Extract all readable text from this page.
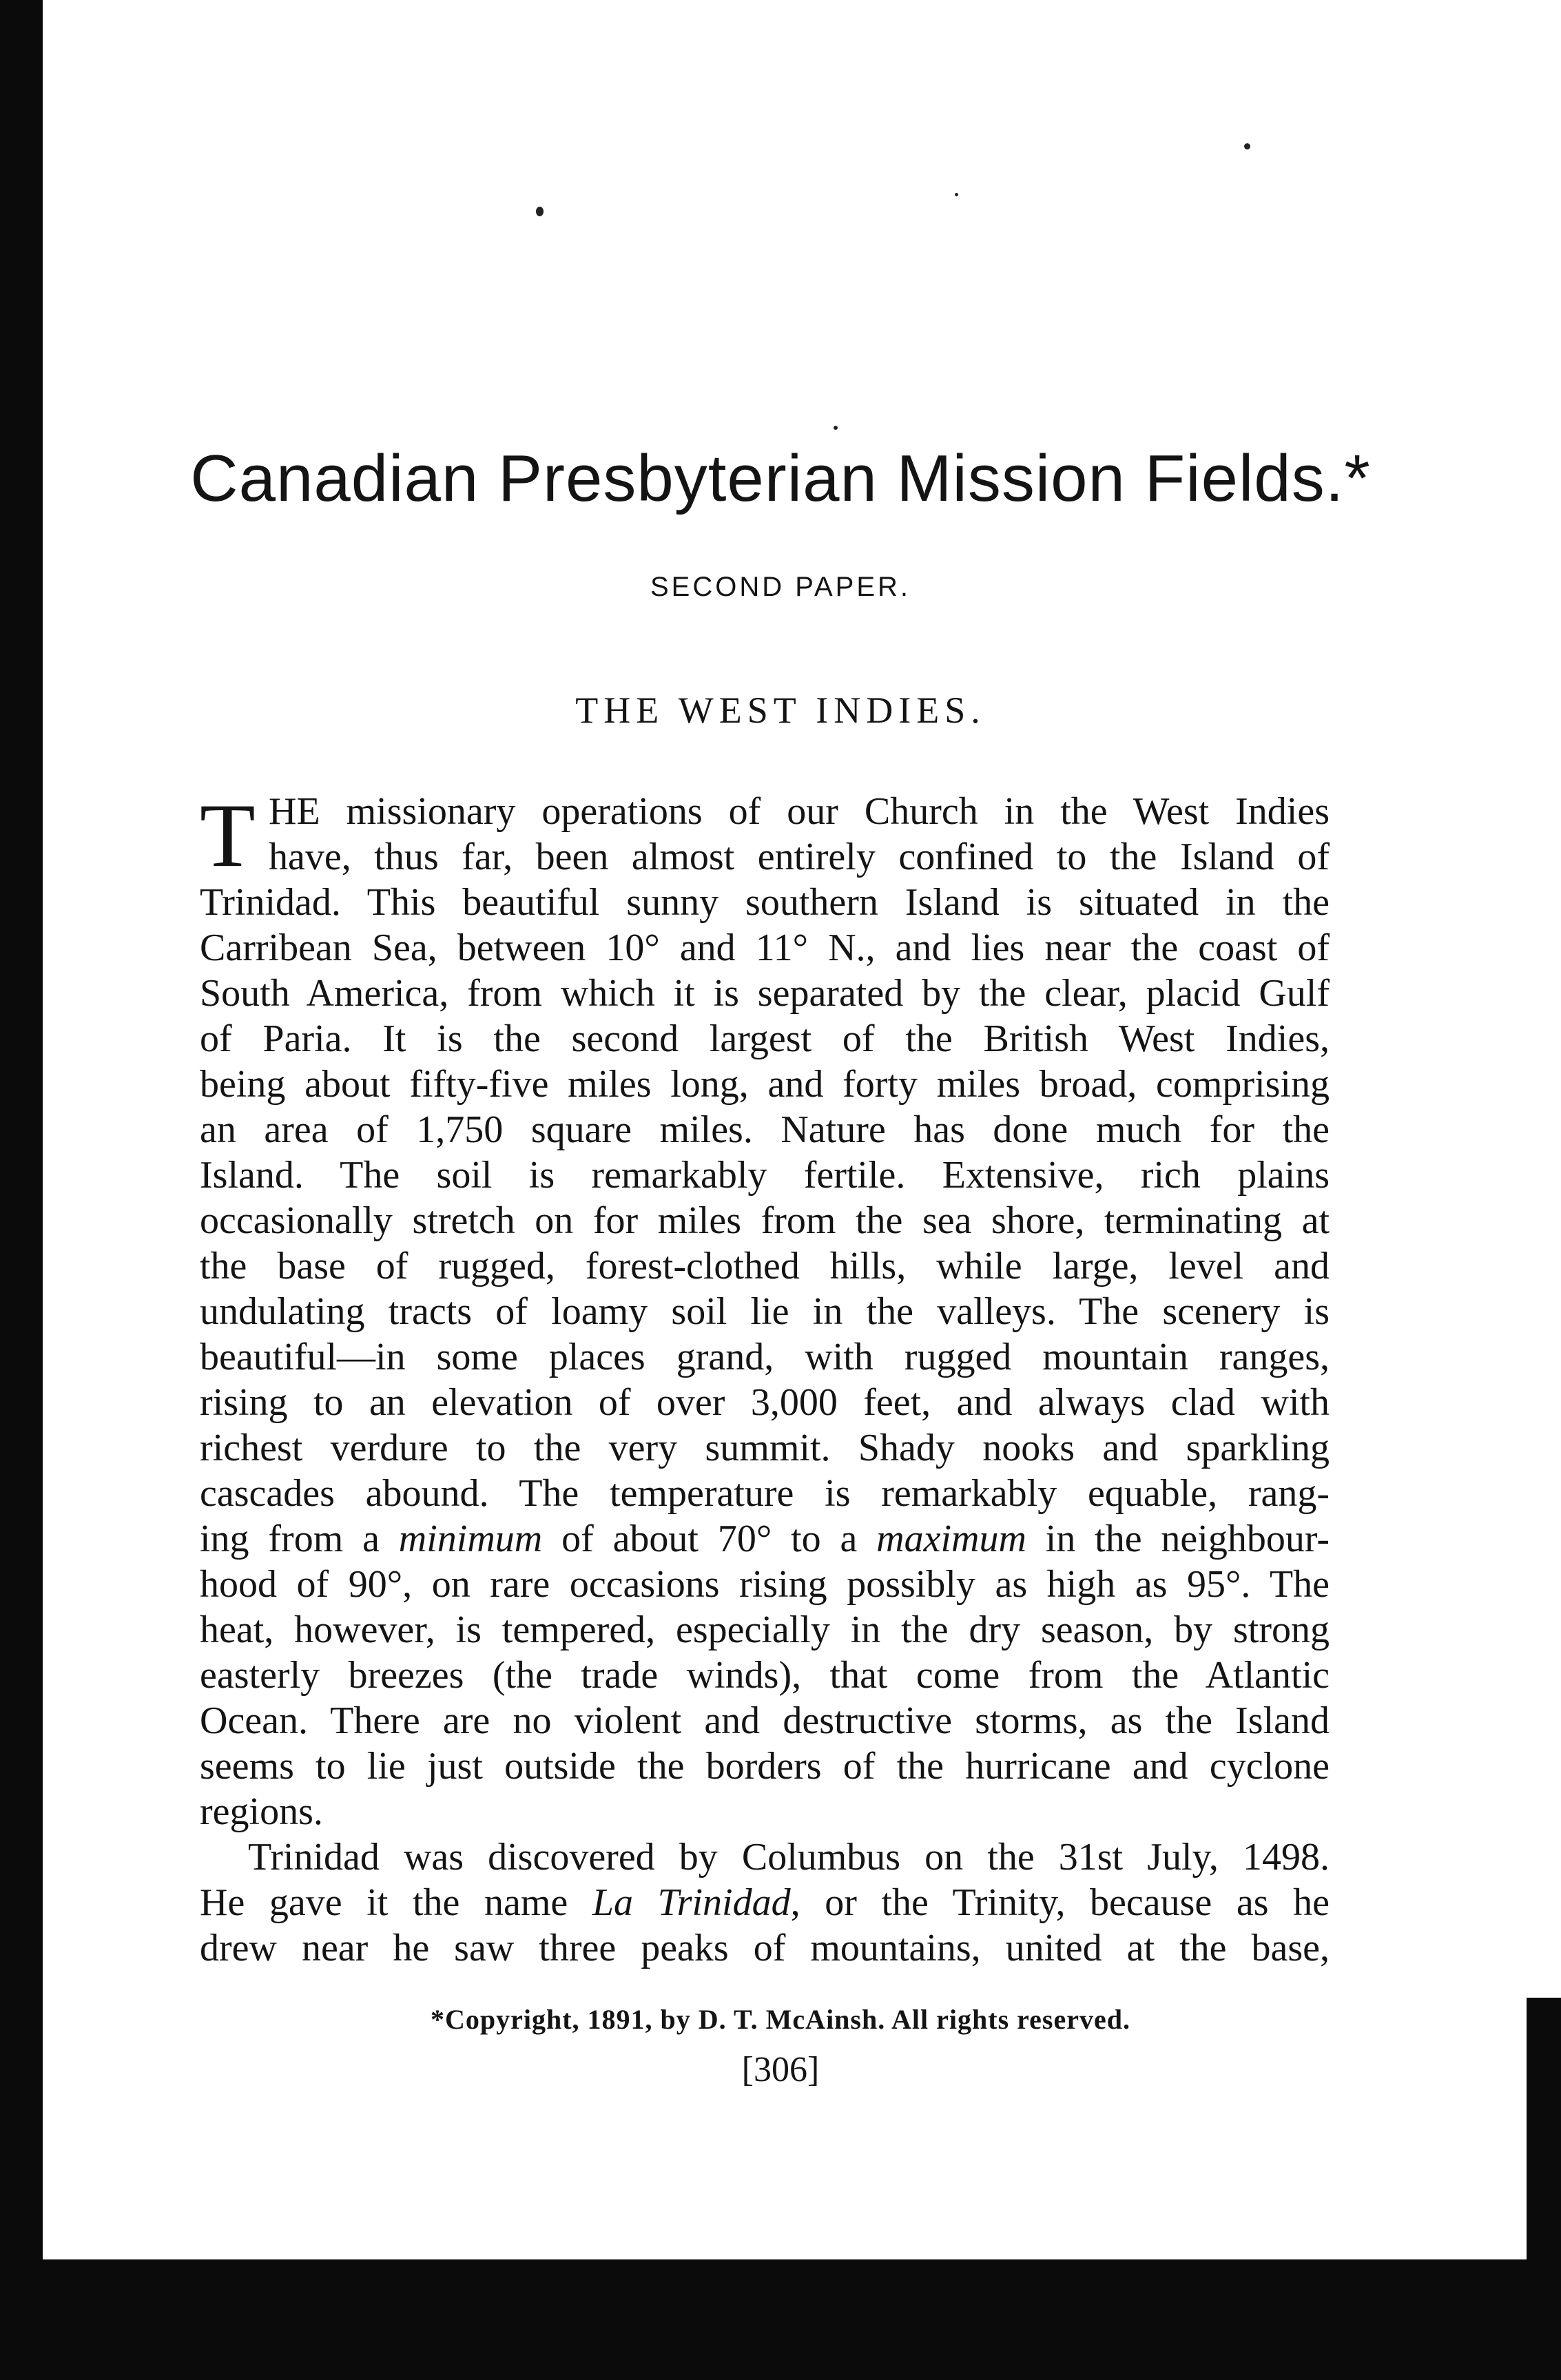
Canadian Presbyterian Mission Fields.*
SECOND PAPER.
THE WEST INDIES.
T HE missionary operations of our Church in the West Indies
have, thus far, been almost entirely confined to the Island of
Trinidad. This beautiful sunny southern Island is situated in the
Carribean Sea, between 10° and 11° N., and lies near the coast of
South America, from which it is separated by the clear, placid Gulf
of Paria. It is the second largest of the British West Indies,
being about fifty-five miles long, and forty miles broad, comprising
an area of 1,750 square miles. Nature has done much for the
Island. The soil is remarkably fertile. Extensive, rich plains
occasionally stretch on for miles from the sea shore, terminating at
the base of rugged, forest-clothed hills, while large, level and
undulating tracts of loamy soil lie in the valleys. The scenery is
beautiful—in some places grand, with rugged mountain ranges,
rising to an elevation of over 3,000 feet, and always clad with
richest verdure to the very summit. Shady nooks and sparkling
cascades abound. The temperature is remarkably equable, rang-
ing from a minimum of about 70° to a maximum in the neighbour-
hood of 90°, on rare occasions rising possibly as high as 95°. The
heat, however, is tempered, especially in the dry season, by strong
easterly breezes (the trade winds), that come from the Atlantic
Ocean. There are no violent and destructive storms, as the Island
seems to lie just outside the borders of the hurricane and cyclone
regions.
Trinidad was discovered by Columbus on the 31st July, 1498.
He gave it the name La Trinidad, or the Trinity, because as he
drew near he saw three peaks of mountains, united at the base,
*Copyright, 1891, by D. T. McAinsh. All rights reserved.
[306]
